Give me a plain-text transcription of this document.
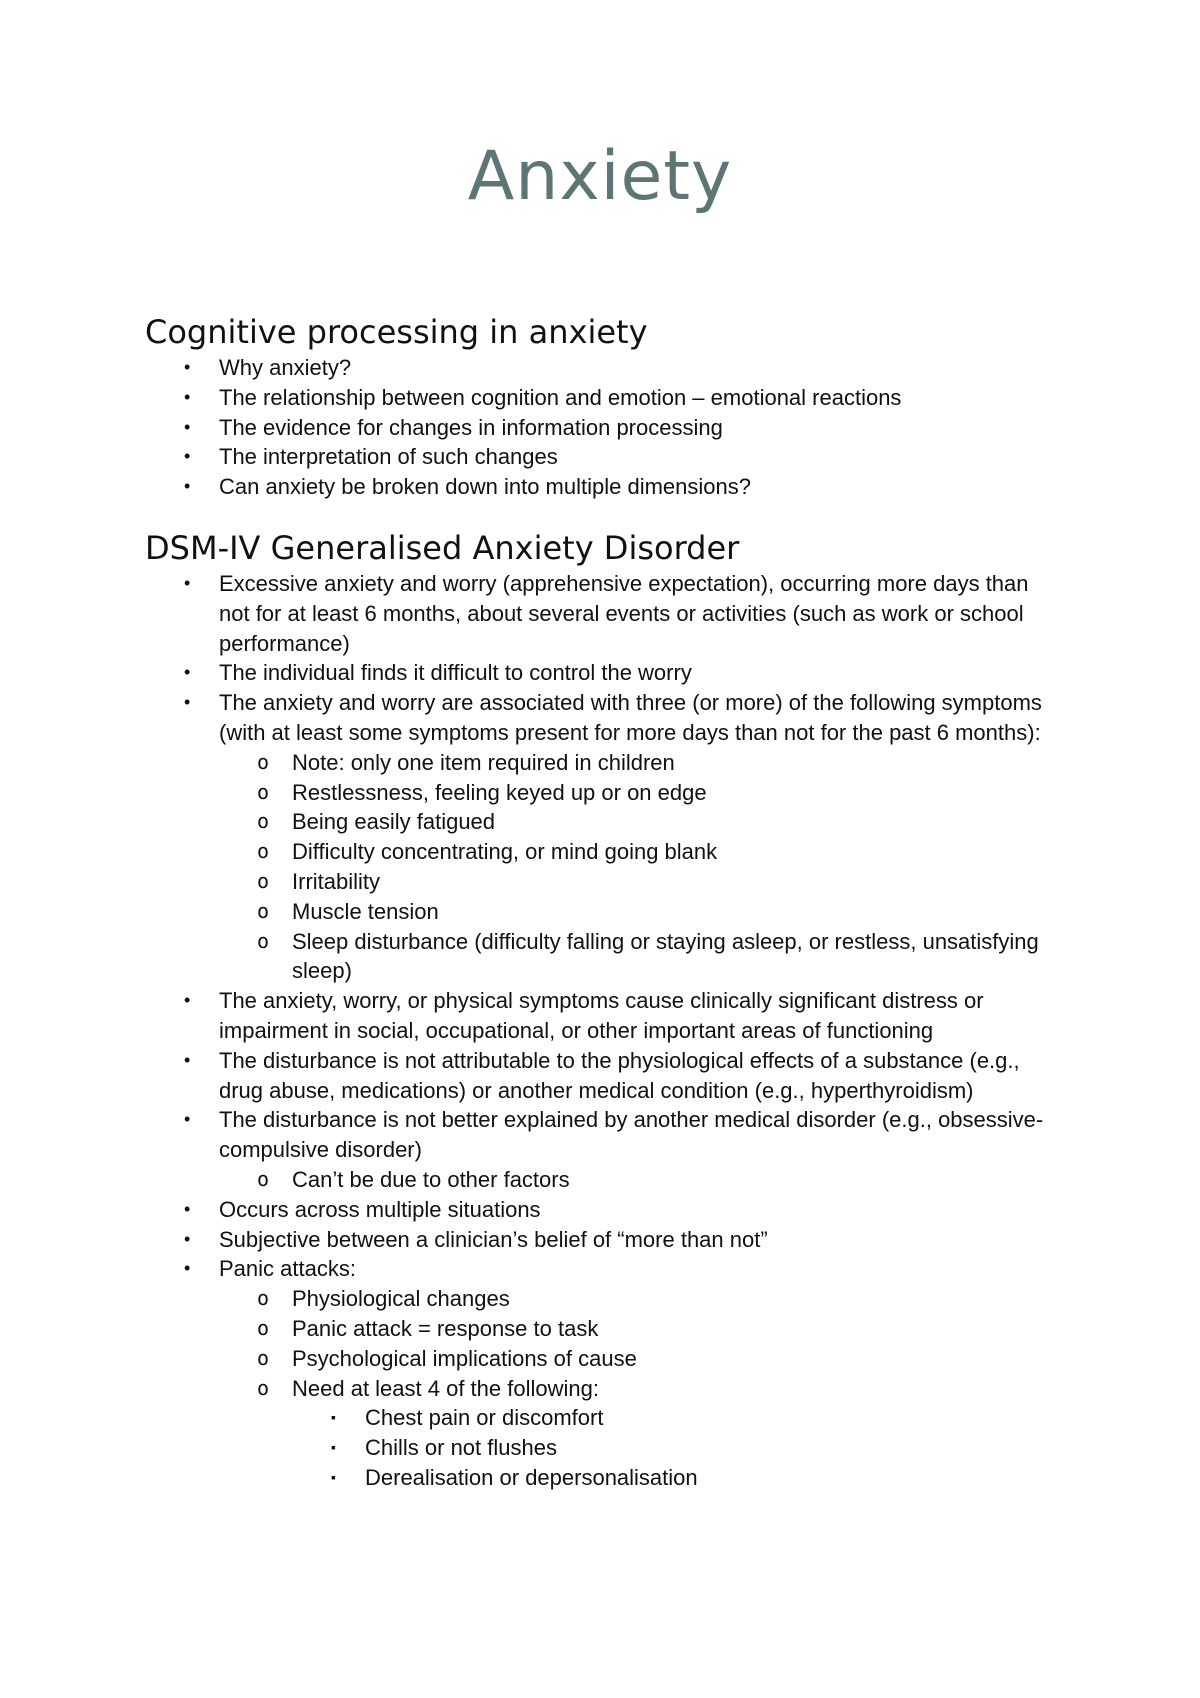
Anxiety
Cognitive processing in anxiety
• Why anxiety?
• The relationship between cognition and emotion – emotional reactions
• The evidence for changes in information processing
• The interpretation of such changes
• Can anxiety be broken down into multiple dimensions?
DSM-IV Generalised Anxiety Disorder
• Excessive anxiety and worry (apprehensive expectation), occurring more days than not for at least 6 months, about several events or activities (such as work or school performance)
• The individual finds it difficult to control the worry
• The anxiety and worry are associated with three (or more) of the following symptoms (with at least some symptoms present for more days than not for the past 6 months):
o Note: only one item required in children
o Restlessness, feeling keyed up or on edge
o Being easily fatigued
o Difficulty concentrating, or mind going blank
o Irritability
o Muscle tension
o Sleep disturbance (difficulty falling or staying asleep, or restless, unsatisfying sleep)
• The anxiety, worry, or physical symptoms cause clinically significant distress or impairment in social, occupational, or other important areas of functioning
• The disturbance is not attributable to the physiological effects of a substance (e.g., drug abuse, medications) or another medical condition (e.g., hyperthyroidism)
• The disturbance is not better explained by another medical disorder (e.g., obsessive-compulsive disorder)
o Can’t be due to other factors
• Occurs across multiple situations
• Subjective between a clinician’s belief of “more than not”
• Panic attacks:
o Physiological changes
o Panic attack = response to task
o Psychological implications of cause
o Need at least 4 of the following:
▪ Chest pain or discomfort
▪ Chills or not flushes
▪ Derealisation or depersonalisation
